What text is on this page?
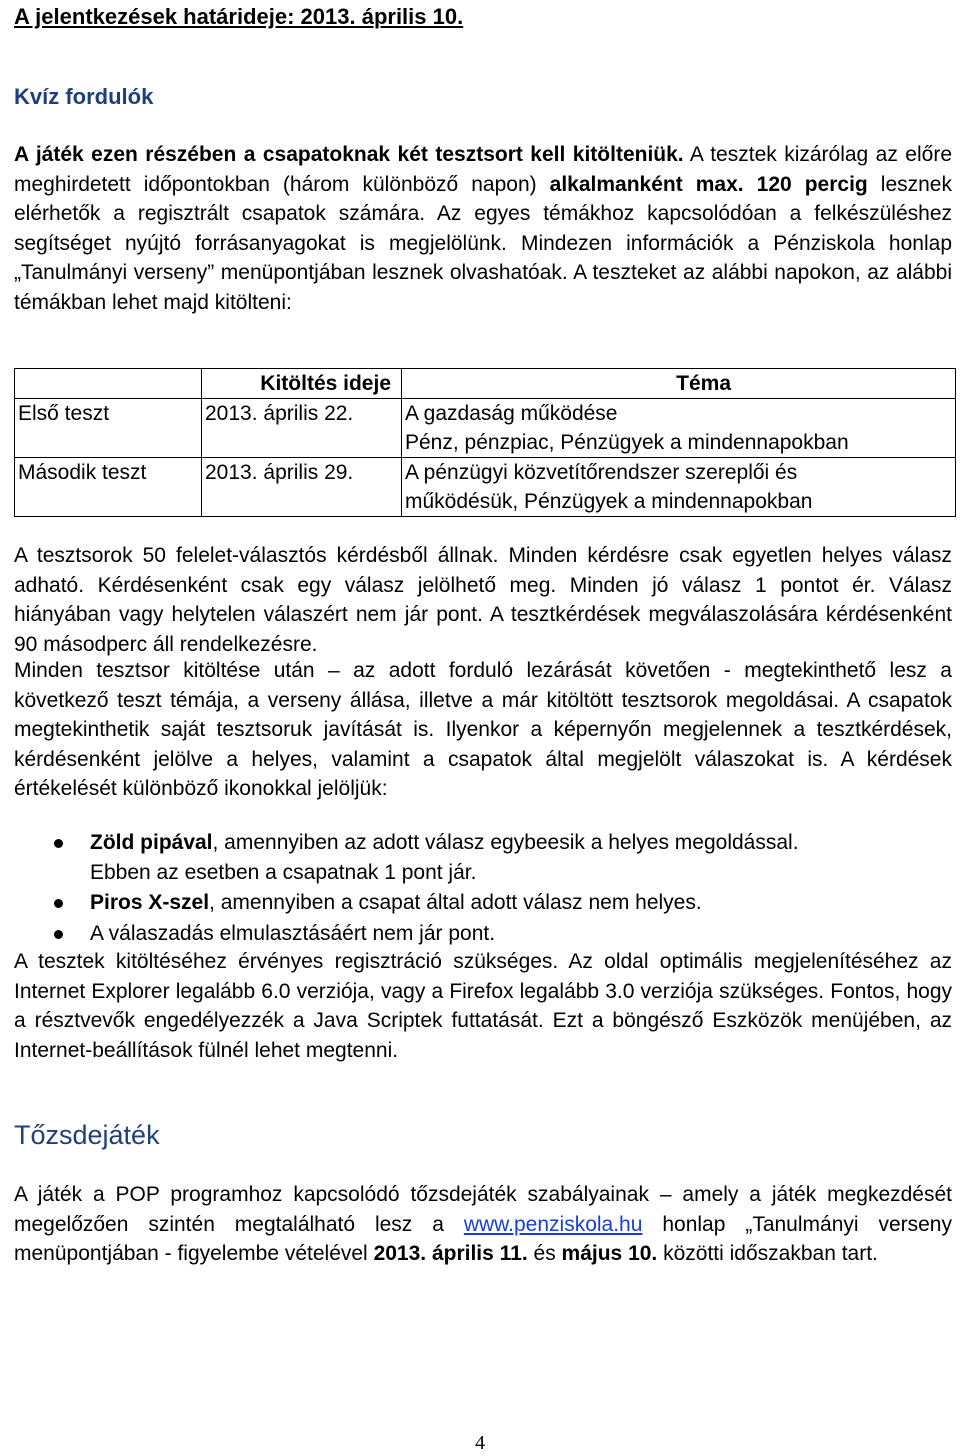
A jelentkezések határideje: 2013. április 10.
Kvíz fordulók
A játék ezen részében a csapatoknak két tesztsort kell kitölteniük. A tesztek kizárólag az előre meghirdetett időpontokban (három különböző napon) alkalmanként max. 120 percig lesznek elérhetők a regisztrált csapatok számára. Az egyes témákhoz kapcsolódóan a felkészüléshez segítséget nyújtó forrásanyagokat is megjelölünk. Mindezen információk a Pénziskola honlap „Tanulmányi verseny” menüpontjában lesznek olvashatóak. A teszteket az alábbi napokon, az alábbi témákban lehet majd kitölteni:
	Kitöltés ideje	Téma
Első teszt	2013. április 22.	A gazdaság működése
Pénz, pénzpiac, Pénzügyek a mindennapokban

Második teszt	2013. április 29.	A pénzügyi közvetítőrendszer szereplői és
működésük, Pénzügyek a mindennapokban
A tesztsorok 50 felelet-választós kérdésből állnak. Minden kérdésre csak egyetlen helyes válasz adható. Kérdésenként csak egy válasz jelölhető meg. Minden jó válasz 1 pontot ér. Válasz hiányában vagy helytelen válaszért nem jár pont. A tesztkérdések megválaszolására kérdésenként 90 másodperc áll rendelkezésre.
Minden tesztsor kitöltése után – az adott forduló lezárását követően - megtekinthető lesz a következő teszt témája, a verseny állása, illetve a már kitöltött tesztsorok megoldásai. A csapatok megtekinthetik saját tesztsoruk javítását is. Ilyenkor a képernyőn megjelennek a tesztkérdések, kérdésenként jelölve a helyes, valamint a csapatok által megjelölt válaszokat is. A kérdések értékelését különböző ikonokkal jelöljük:
Zöld pipával, amennyiben az adott válasz egybeesik a helyes megoldással.
Ebben az esetben a csapatnak 1 pont jár.
Piros X-szel, amennyiben a csapat által adott válasz nem helyes.
A válaszadás elmulasztásáért nem jár pont.
A tesztek kitöltéséhez érvényes regisztráció szükséges. Az oldal optimális megjelenítéséhez az Internet Explorer legalább 6.0 verziója, vagy a Firefox legalább 3.0 verziója szükséges. Fontos, hogy a résztvevők engedélyezzék a Java Scriptek futtatását. Ezt a böngésző Eszközök menüjében, az Internet-beállítások fülnél lehet megtenni.
Tőzsdejáték
A játék a POP programhoz kapcsolódó tőzsdejáték szabályainak – amely a játék megkezdését megelőzően szintén megtalálható lesz a www.penziskola.hu honlap „Tanulmányi verseny menüpontjában - figyelembe vételével 2013. április 11. és május 10. közötti időszakban tart.
4
